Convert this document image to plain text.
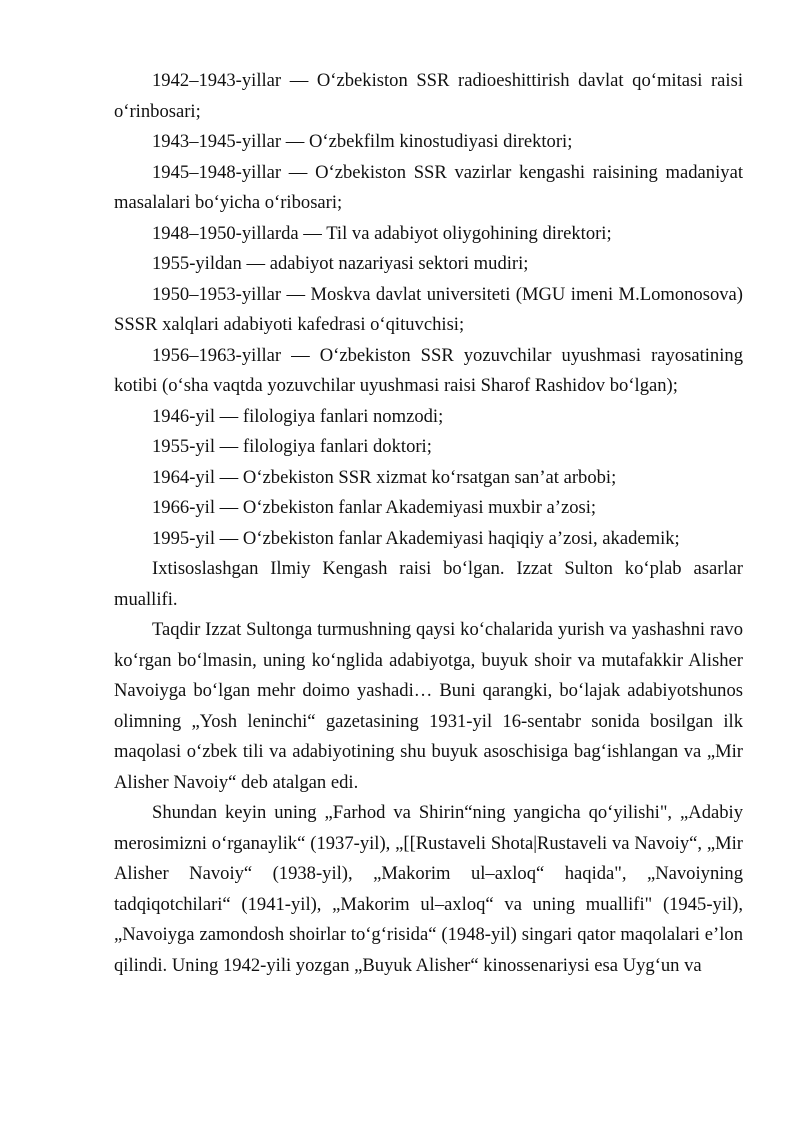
1942–1943-yillar — O‘zbekiston SSR radioeshittirish davlat qo‘mitasi raisi o‘rinbosari;

1943–1945-yillar — O‘zbekfilm kinostudiyasi direktori;

1945–1948-yillar — O‘zbekiston SSR vazirlar kengashi raisining madaniyat masalalari bo‘yicha o‘ribosari;

1948–1950-yillarda — Til va adabiyot oliygohining direktori;

1955-yildan — adabiyot nazariyasi sektori mudiri;

1950–1953-yillar — Moskva davlat universiteti (MGU imeni M.Lomonosova) SSSR xalqlari adabiyoti kafedrasi o‘qituvchisi;

1956–1963-yillar — O‘zbekiston SSR yozuvchilar uyushmasi rayosatining kotibi (o‘sha vaqtda yozuvchilar uyushmasi raisi Sharof Rashidov bo‘lgan);

1946-yil — filologiya fanlari nomzodi;

1955-yil — filologiya fanlari doktori;

1964-yil — O‘zbekiston SSR xizmat ko‘rsatgan san’at arbobi;

1966-yil — O‘zbekiston fanlar Akademiyasi muxbir a’zosi;

1995-yil — O‘zbekiston fanlar Akademiyasi haqiqiy a’zosi, akademik;

Ixtisoslashgan Ilmiy Kengash raisi bo‘lgan. Izzat Sulton ko‘plab asarlar muallifi.

Taqdir Izzat Sultonga turmushning qaysi ko‘chalarida yurish va yashashni ravo ko‘rgan bo‘lmasin, uning ko‘nglida adabiyotga, buyuk shoir va mutafakkir Alisher Navoiyga bo‘lgan mehr doimo yashadi… Buni qarangki, bo‘lajak adabiyotshunos olimning „Yosh leninchi“ gazetasining 1931-yil 16-sentabr sonida bosilgan ilk maqolasi o‘zbek tili va adabiyotining shu buyuk asoschisiga bag‘ishlangan va „Mir Alisher Navoiy“ deb atalgan edi.

Shundan keyin uning „Farhod va Shirin“ning yangicha qo‘yilishi", „Adabiy merosimizni o‘rganaylik“ (1937-yil), „[[Rustaveli Shota|Rustaveli va Navoiy“, „Mir Alisher Navoiy“ (1938-yil), „Makorim ul–axloq“ haqida", „Navoiyning tadqiqotchilari“ (1941-yil), „Makorim ul–axloq“ va uning muallifi" (1945-yil), „Navoiyga zamondosh shoirlar to‘g‘risida“ (1948-yil) singari qator maqolalari e’lon qilindi. Uning 1942-yili yozgan „Buyuk Alisher“ kinossenariysi esa Uyg‘un va
